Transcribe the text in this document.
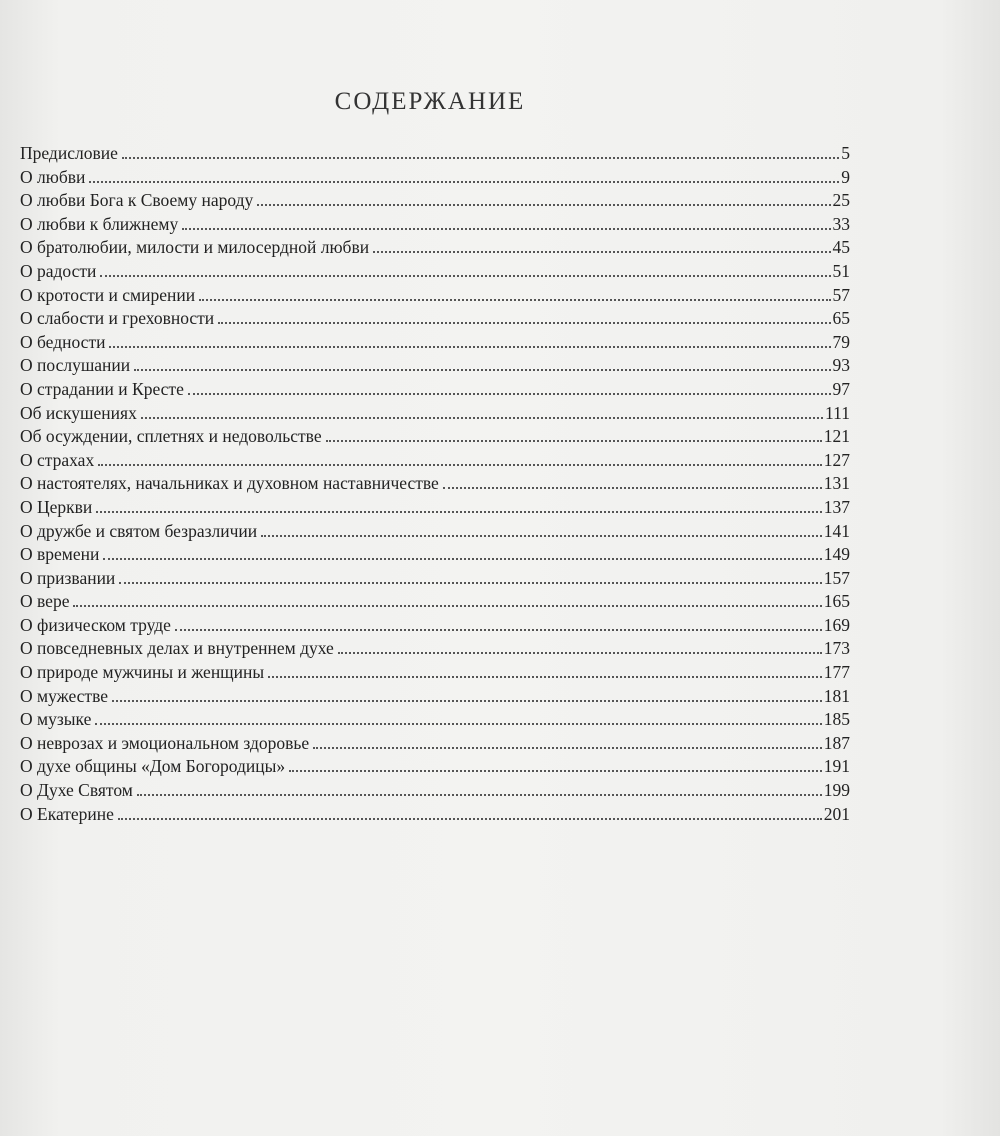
СОДЕРЖАНИЕ
Предисловие	5
О любви	9
О любви Бога к Своему народу	25
О любви к ближнему	33
О братолюбии, милости и милосердной любви	45
О радости	51
О кротости и смирении	57
О слабости и греховности	65
О бедности	79
О послушании	93
О страдании и Кресте	97
Об искушениях	111
Об осуждении, сплетнях и недовольстве	121
О страхах	127
О настоятелях, начальниках и духовном наставничестве	131
О Церкви	137
О дружбе и святом безразличии	141
О времени	149
О призвании	157
О вере	165
О физическом труде	169
О повседневных делах и внутреннем духе	173
О природе мужчины и женщины	177
О мужестве	181
О музыке	185
О неврозах и эмоциональном здоровье	187
О духе общины «Дом Богородицы»	191
О Духе Святом	199
О Екатерине	201
